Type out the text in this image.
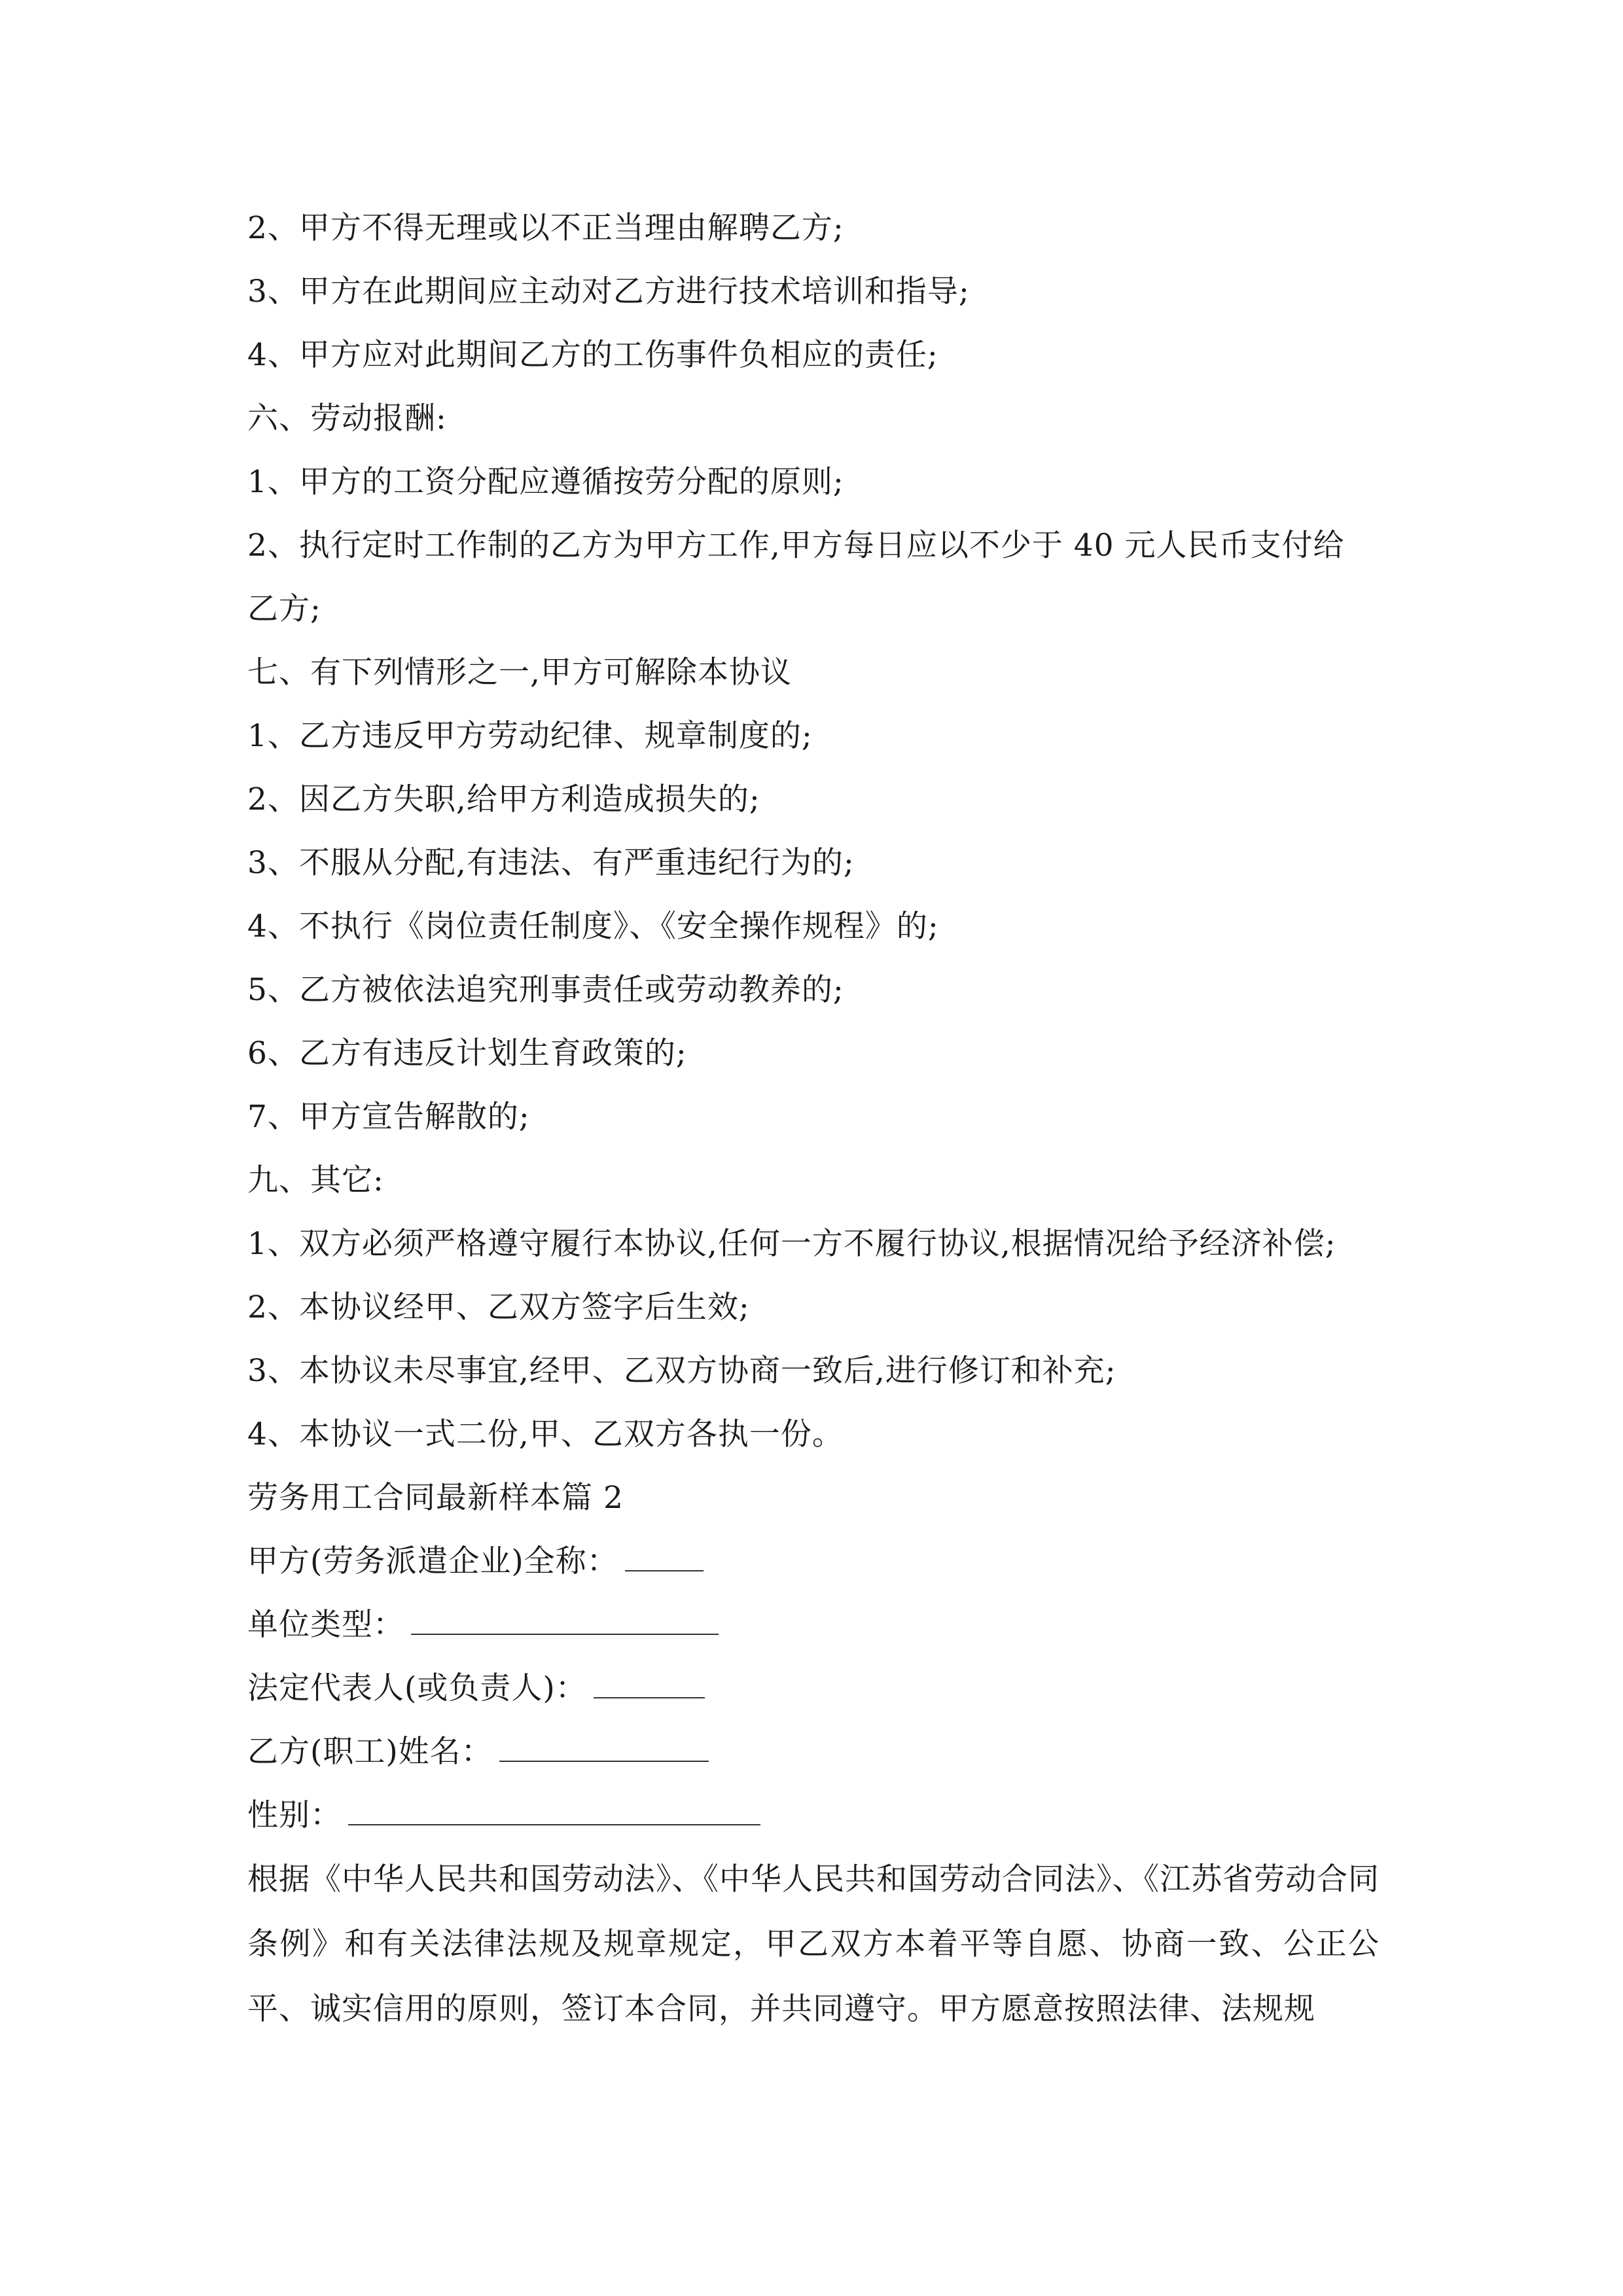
2、甲方不得无理或以不正当理由解聘乙方;
3、甲方在此期间应主动对乙方进行技术培训和指导;
4、甲方应对此期间乙方的工伤事件负相应的责任;
六、劳动报酬:
1、甲方的工资分配应遵循按劳分配的原则;
2、执行定时工作制的乙方为甲方工作,甲方每日应以不少于 40 元人民币支付给
乙方;
七、有下列情形之一,甲方可解除本协议
1、乙方违反甲方劳动纪律、规章制度的;
2、因乙方失职,给甲方利造成损失的;
3、不服从分配,有违法、有严重违纪行为的;
4、不执行《岗位责任制度》、《安全操作规程》的;
5、乙方被依法追究刑事责任或劳动教养的;
6、乙方有违反计划生育政策的;
7、甲方宣告解散的;
九、其它:
1、双方必须严格遵守履行本协议,任何一方不履行协议,根据情况给予经济补偿;
2、本协议经甲、乙双方签字后生效;
3、本协议未尽事宜,经甲、乙双方协商一致后,进行修订和补充;
4、本协议一式二份,甲、乙双方各执一份。
劳务用工合同最新样本篇 2
甲方(劳务派遣企业)全称：
单位类型：
法定代表人(或负责人)：
乙方(职工)姓名：
性别：
根据《中华人民共和国劳动法》、《中华人民共和国劳动合同法》、《江苏省劳动合同条例》和有关法律法规及规章规定，甲乙双方本着平等自愿、协商一致、公正公平、诚实信用的原则，签订本合同，并共同遵守。甲方愿意按照法律、法规规
